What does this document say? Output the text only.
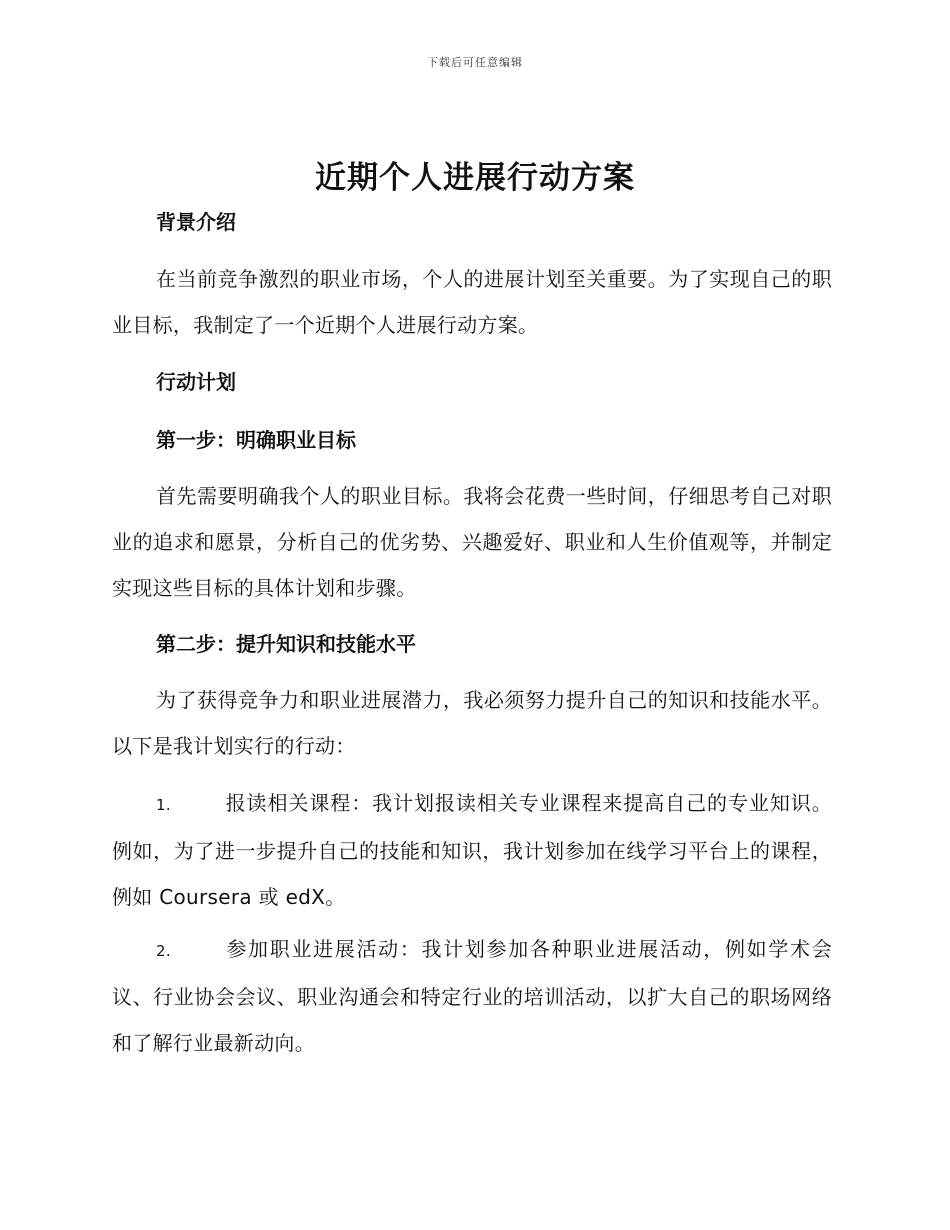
下载后可任意编辑
近期个人进展行动方案

背景介绍

在当前竞争激烈的职业市场，个人的进展计划至关重要。为了实现自己的职业目标，我制定了一个近期个人进展行动方案。

行动计划

第一步：明确职业目标

首先需要明确我个人的职业目标。我将会花费一些时间，仔细思考自己对职业的追求和愿景，分析自己的优劣势、兴趣爱好、职业和人生价值观等，并制定实现这些目标的具体计划和步骤。

第二步：提升知识和技能水平

为了获得竞争力和职业进展潜力，我必须努力提升自己的知识和技能水平。以下是我计划实行的行动：

1.	报读相关课程：我计划报读相关专业课程来提高自己的专业知识。例如，为了进一步提升自己的技能和知识，我计划参加在线学习平台上的课程，例如 Coursera 或 edX。

2.	参加职业进展活动：我计划参加各种职业进展活动，例如学术会议、行业协会会议、职业沟通会和特定行业的培训活动，以扩大自己的职场网络和了解行业最新动向。
